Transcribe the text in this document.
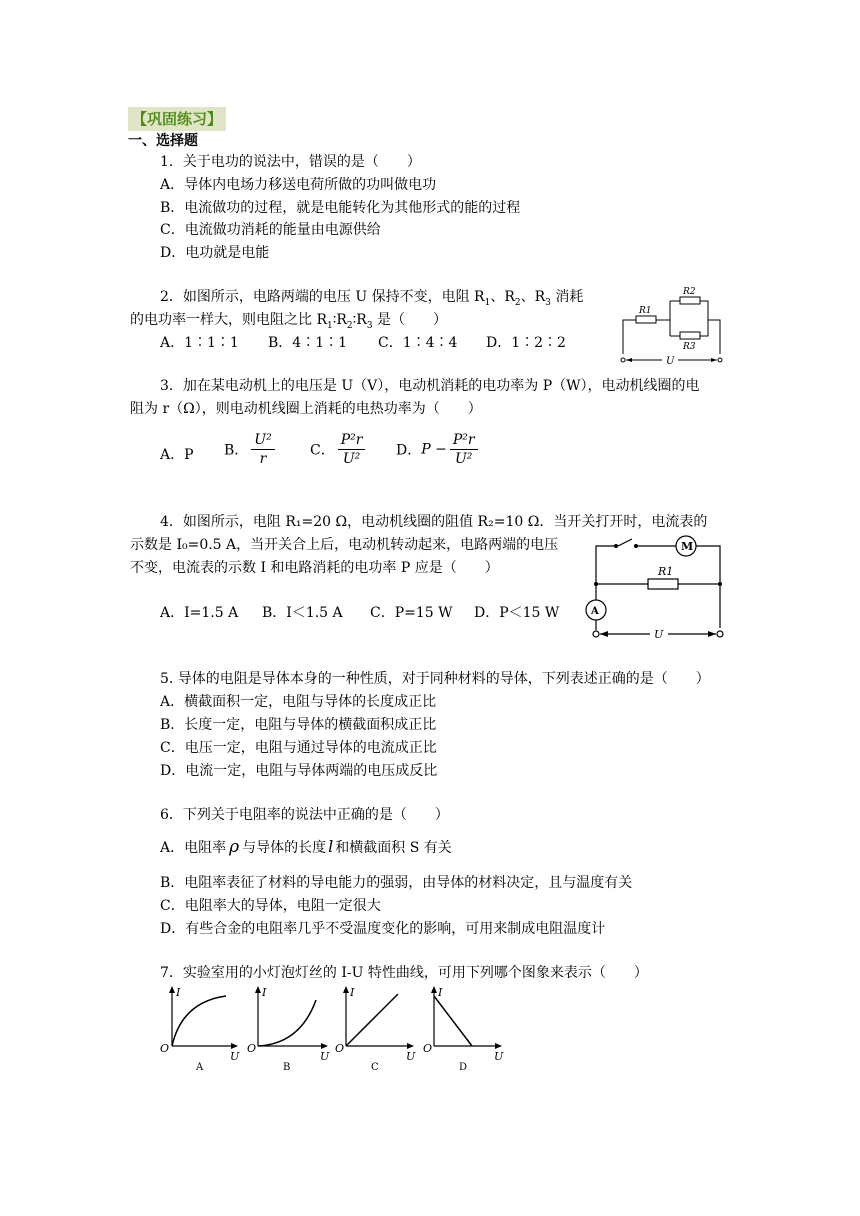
【巩固练习】
一、选择题
1．关于电功的说法中，错误的是（　　）
A．导体内电场力移送电荷所做的功叫做电功
B．电流做功的过程，就是电能转化为其他形式的能的过程
C．电流做功消耗的能量由电源供给
D．电功就是电能
2．如图所示，电路两端的电压 U 保持不变，电阻 $R_1$、$R_2$、$R_3$ 消耗
的电功率一样大，则电阻之比 $R_1∶R_2∶R_3$ 是（　　）
A．1∶1∶1 B．4∶1∶1 C．1∶4∶4 D．1∶2∶2
R1
R2
R3
U
3．加在某电动机上的电压是 U（V），电动机消耗的电功率为 P（W），电动机线圈的电
阻为 r（Ω），则电动机线圈上消耗的电热功率为（　　）
A．P B． $\frac{\text{U²}}{r}$	C． $\frac{\text{P²r}}{\text{U²}}$ D．$P - \frac{\text{P²r}}{\text{U²}}$
4．如图所示，电阻 R₁=20 Ω，电动机线圈的阻值 R₂=10 Ω．当开关打开时，电流表的
示数是 I₀=0.5 A，当开关合上后，电动机转动起来，电路两端的电压
不变，电流表的示数 I 和电路消耗的电功率 P 应是（　　）
A．I=1.5 A B．I＜1.5 A C．P=15 W D．P＜15 W
M
R1
A
U
5. 导体的电阻是导体本身的一种性质，对于同种材料的导体，下列表述正确的是（　　）
A．横截面积一定，电阻与导体的长度成正比
B．长度一定，电阻与导体的横截面积成正比
C．电压一定，电阻与通过导体的电流成正比
D．电流一定，电阻与导体两端的电压成反比
6．下列关于电阻率的说法中正确的是（　　）
A．电阻率 ρ 与导体的长度 l 和横截面积 S 有关
B．电阻率表征了材料的导电能力的强弱，由导体的材料决定，且与温度有关
C．电阻率大的导体，电阻一定很大
D．有些合金的电阻率几乎不受温度变化的影响，可用来制成电阻温度计
7．实验室用的小灯泡灯丝的 I-U 特性曲线，可用下列哪个图象来表示（　　）
I
O
U
A
I
O
U
B
I
O
U
C
I
O
U
D
